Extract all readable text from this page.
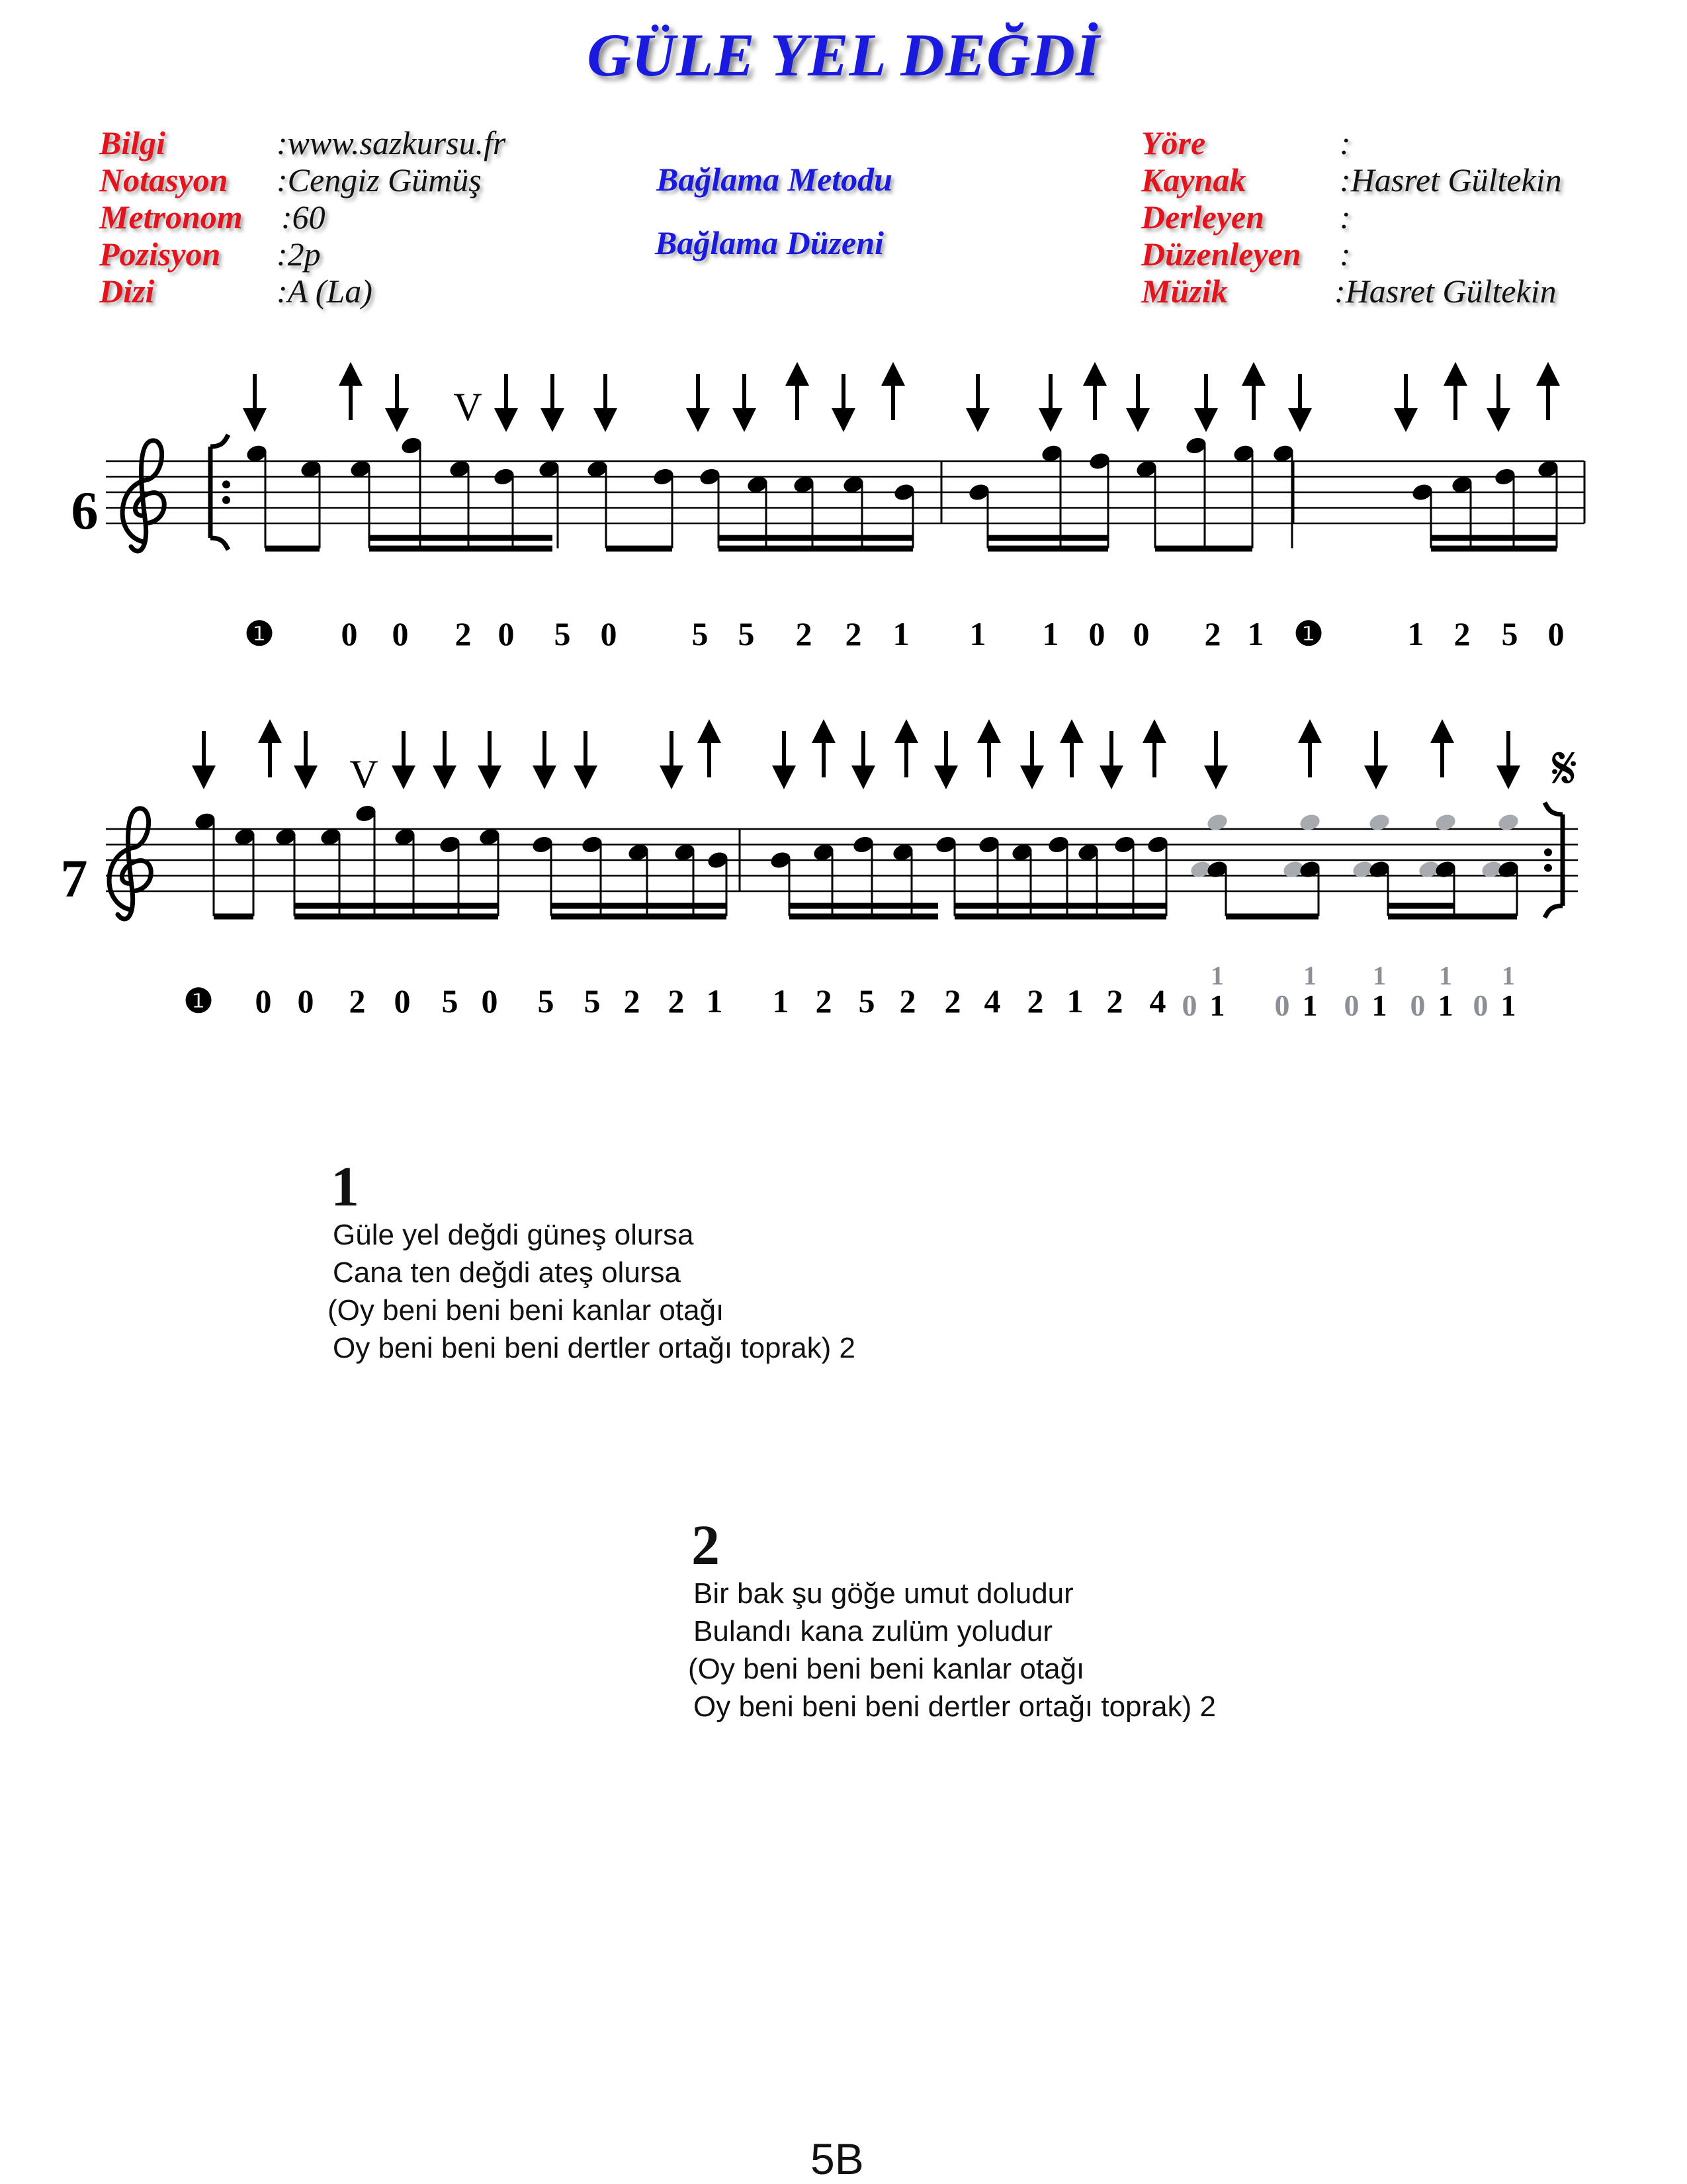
GÜLE YEL DEĞDİ
Bilgi	:www.sazkursu.fr
Notasyon :Cengiz Gümüş
Metronom :60
Pozisyon :2p
Dizi	:A (La)
Bağlama Metodu
Bağlama Düzeni
Yöre	:
Kaynak	:Hasret Gültekin
Derleyen :
Düzenleyen :
Müzik	:Hasret Gültekin
6
V
❶ 0 0 2 0 5 0 5 5 2 2 1 1 1 0 0 2 1 ❶	1 2 5 0
7
𝄋
V
❶ 0 0 2 0 5 0 5 5 2 2 1 1 2 5 2 2 4 2 1 2 4 0 1
1
0 1
1
0 1
1
0 1
1
0 1
1
1
Güle yel değdi güneş olursa
Cana ten değdi ateş olursa
(Oy beni beni beni kanlar otağı
Oy beni beni beni dertler ortağı toprak) 2
2
Bir bak şu göğe umut doludur
Bulandı kana zulüm yoludur
(Oy beni beni beni kanlar otağı
Oy beni beni beni dertler ortağı toprak) 2
5B
